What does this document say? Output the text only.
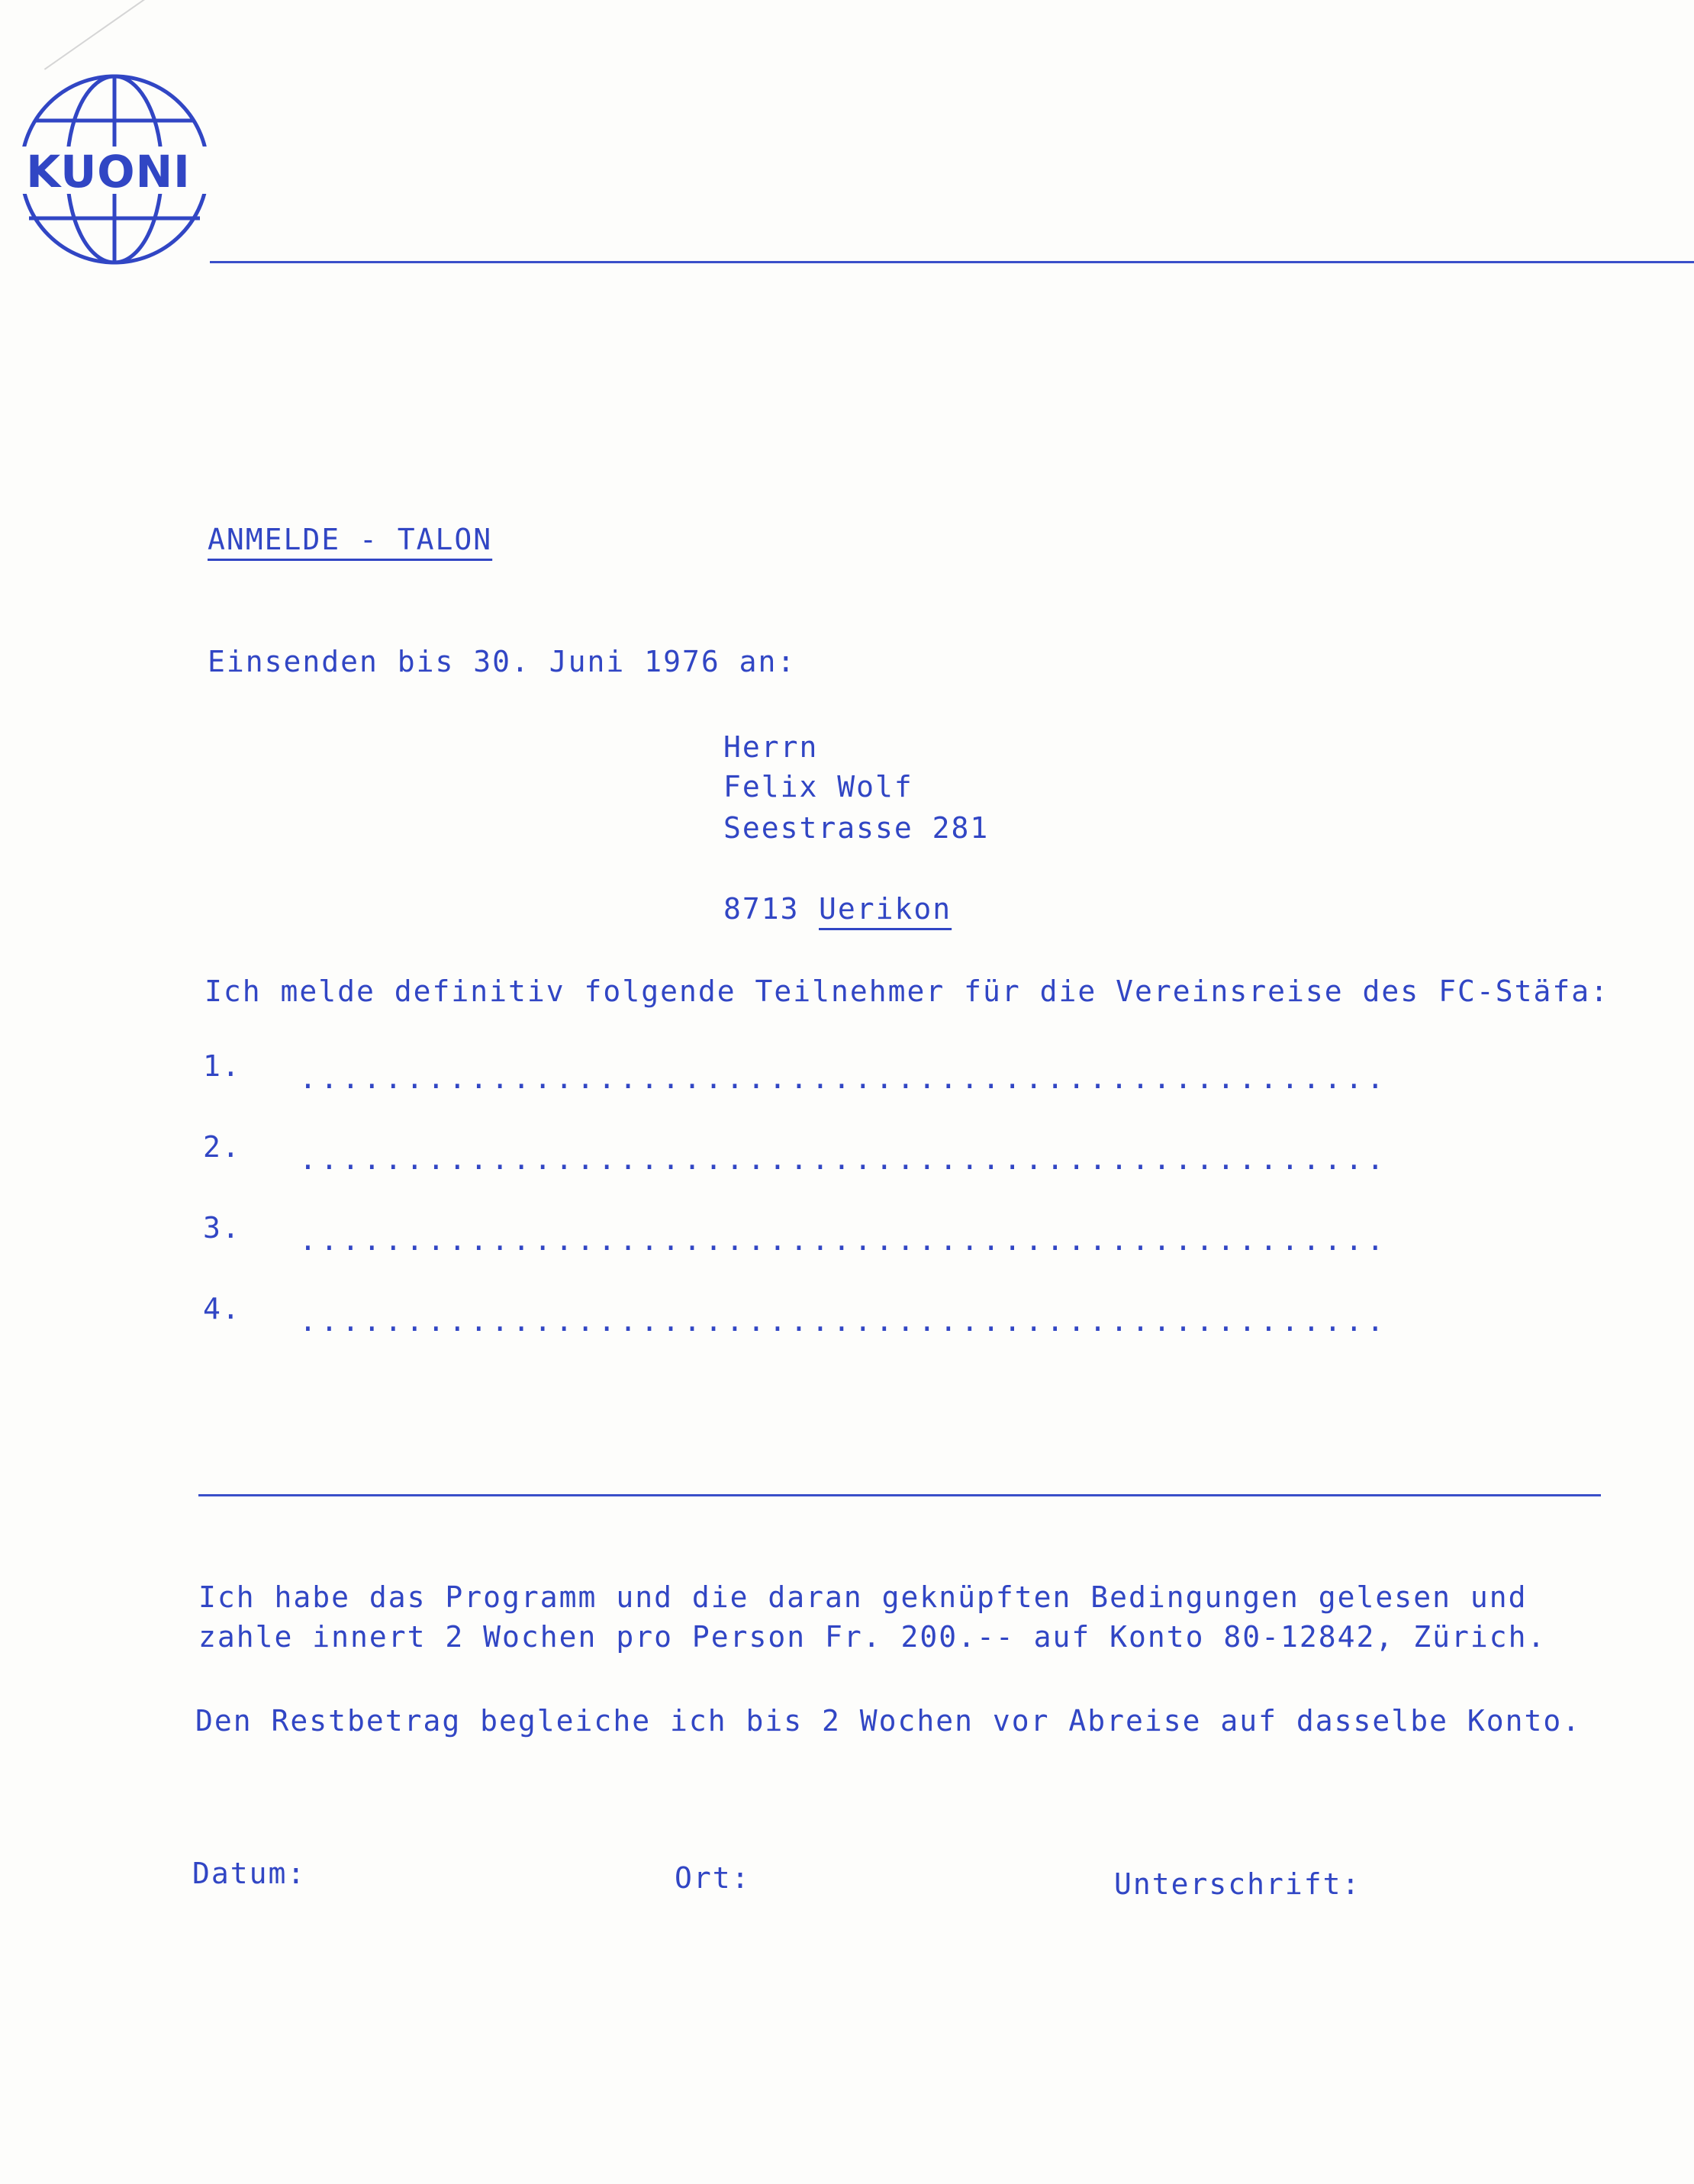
KUONI
ANMELDE - TALON
Einsenden bis 30. Juni 1976 an:
Herrn
Felix Wolf
Seestrasse 281
8713 Uerikon
Ich melde definitiv folgende Teilnehmer für die Vereinsreise des FC-Stäfa:
1. ...................................................
2. ...................................................
3. ...................................................
4. ...................................................
Ich habe das Programm und die daran geknüpften Bedingungen gelesen und
zahle innert 2 Wochen pro Person Fr. 200.-- auf Konto 80-12842, Zürich.
Den Restbetrag begleiche ich bis 2 Wochen vor Abreise auf dasselbe Konto.
Datum:	Ort:	Unterschrift:
